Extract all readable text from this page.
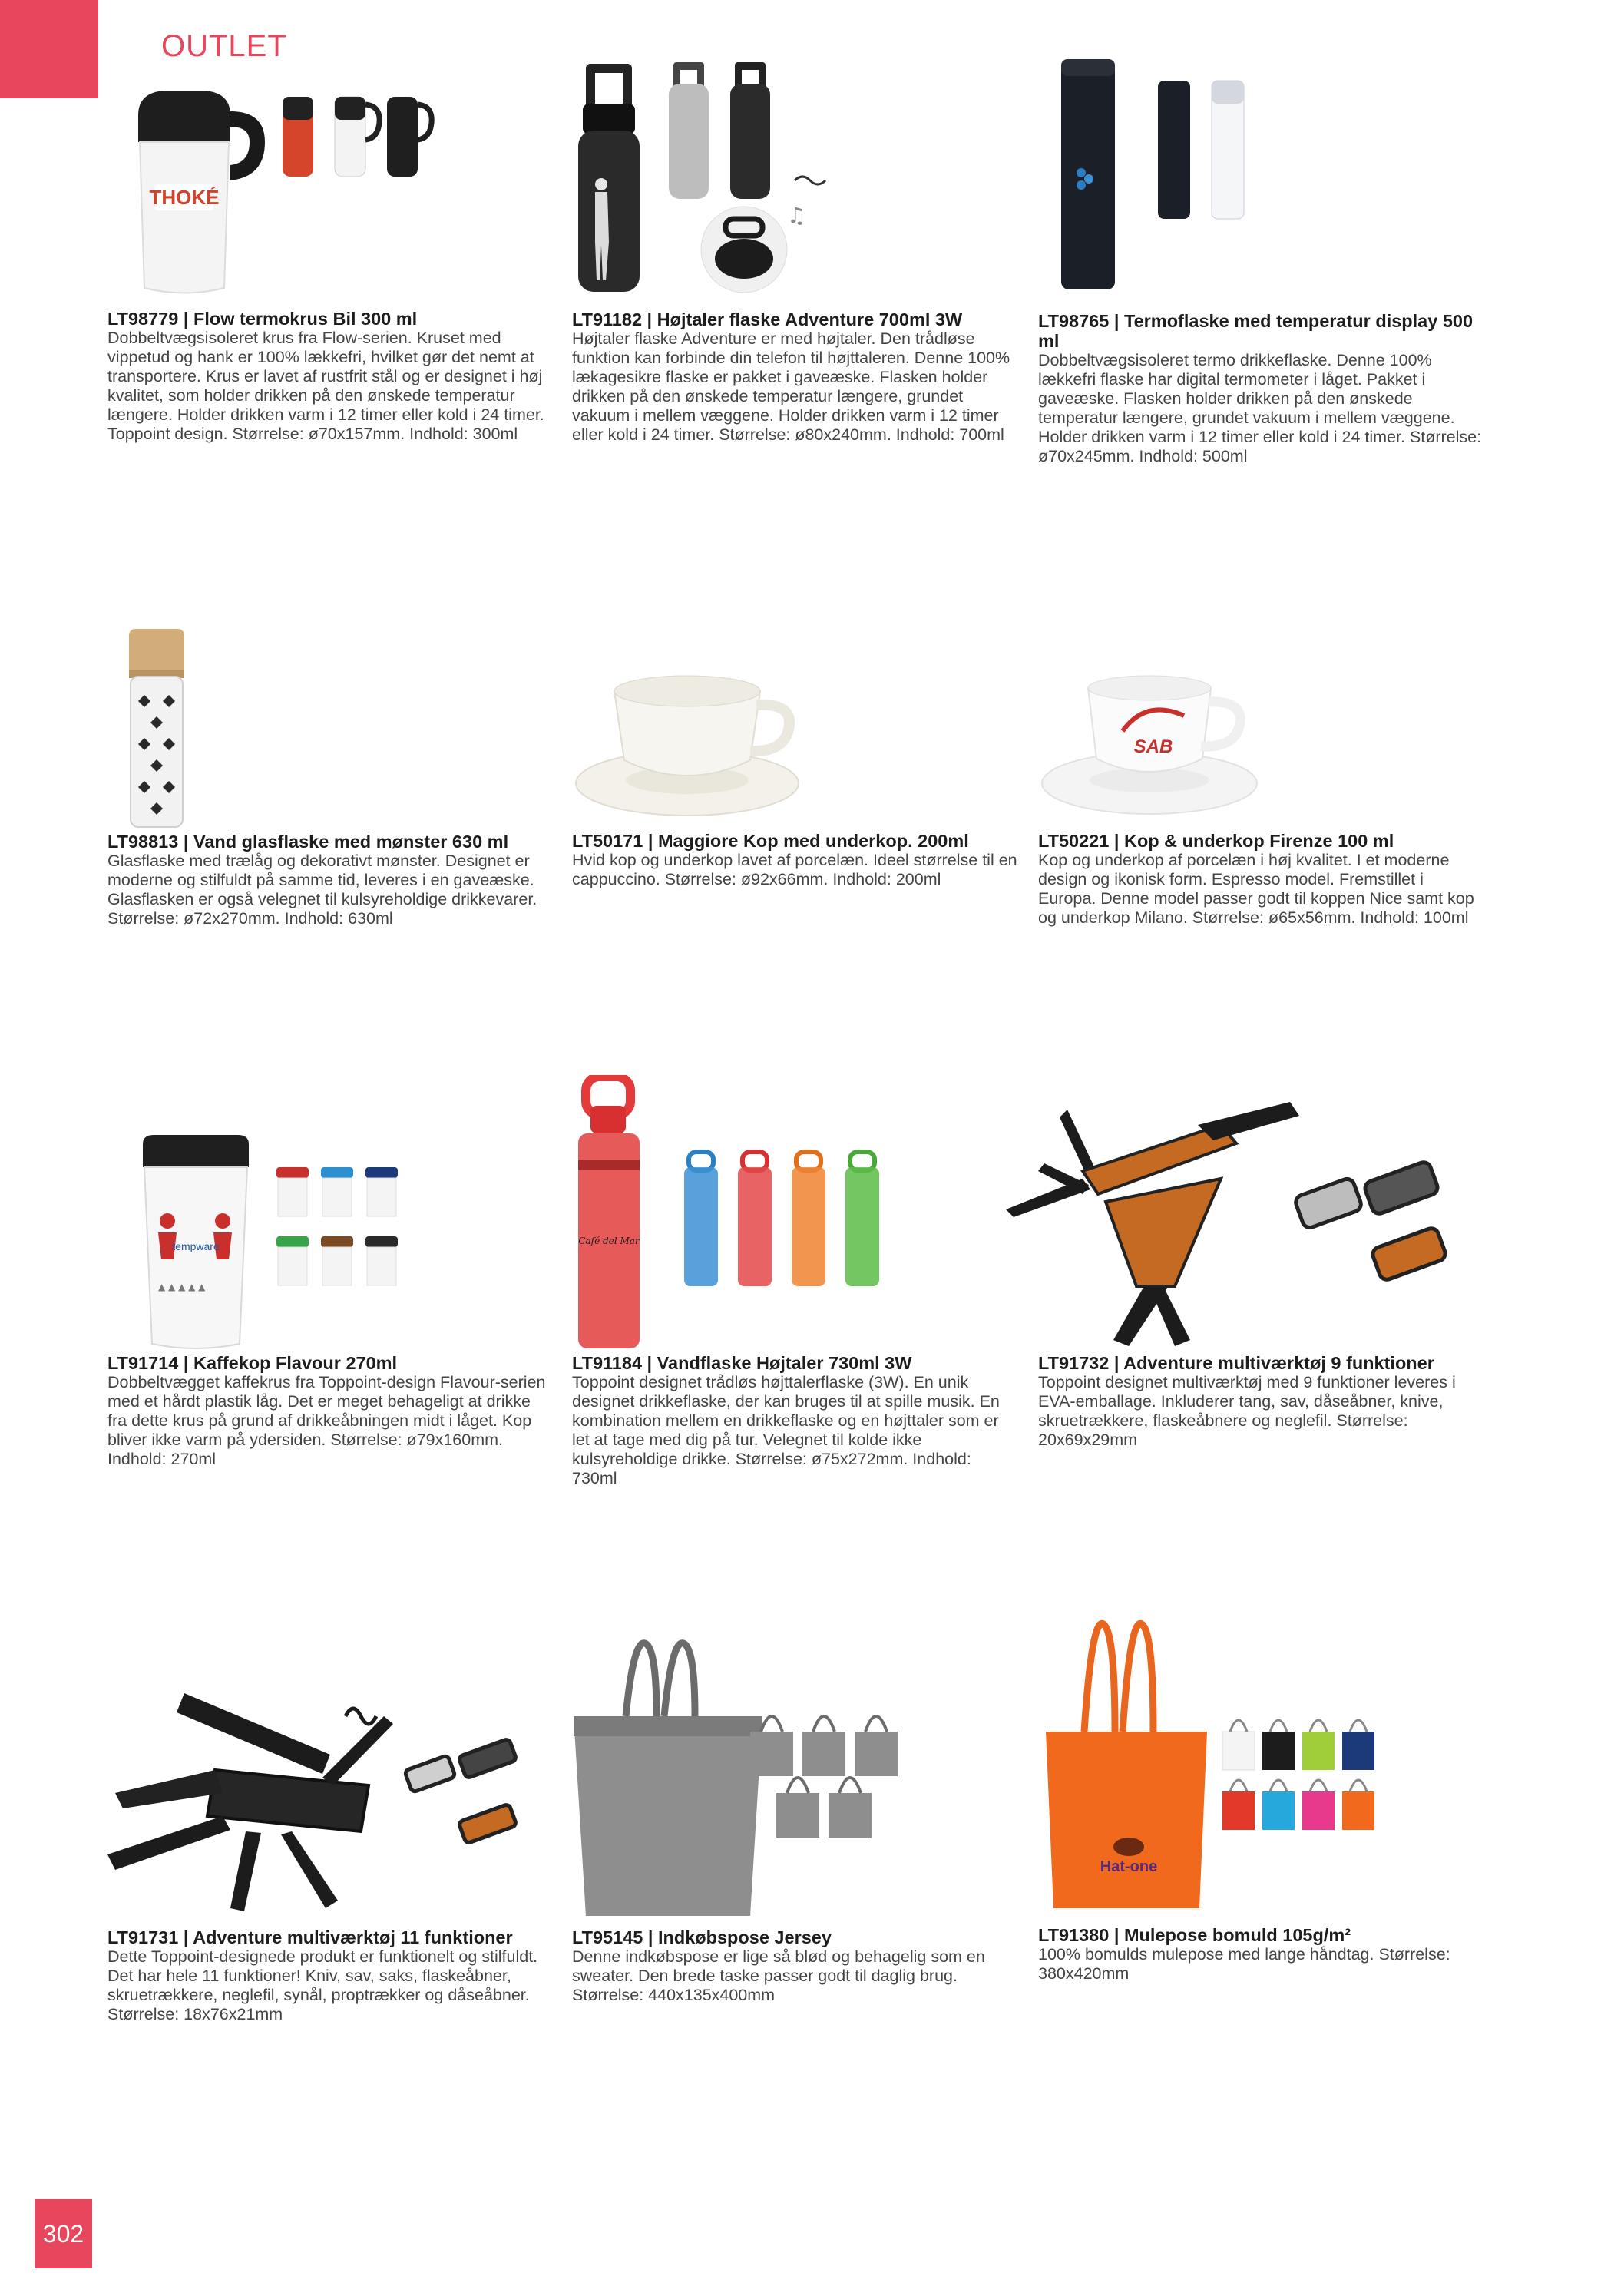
OUTLET
THOKÉ
LT98779 | Flow termokrus Bil 300 ml
Dobbeltvægsisoleret krus fra Flow-serien. Kruset med vippetud og hank er 100% lækkefri, hvilket gør det nemt at transportere. Krus er lavet af rustfrit stål og er designet i høj kvalitet, som holder drikken på den ønskede temperatur længere. Holder drikken varm i 12 timer eller kold i 24 timer. Toppoint design. Størrelse: ø70x157mm. Indhold: 300ml
♫
LT91182 | Højtaler flaske Adventure 700ml 3W
Højtaler flaske Adventure er med højtaler. Den trådløse funktion kan forbinde din telefon til højttaleren. Denne 100% lækagesikre flaske er pakket i gaveæske. Flasken holder drikken på den ønskede temperatur længere, grundet vakuum i mellem væggene. Holder drikken varm i 12 timer eller kold i 24 timer. Størrelse: ø80x240mm. Indhold: 700ml
LT98765 | Termoflaske med temperatur display 500 ml
Dobbeltvægsisoleret termo drikkeflaske. Denne 100% lækkefri flaske har digital termometer i låget. Pakket i gaveæske. Flasken holder drikken på den ønskede temperatur længere, grundet vakuum i mellem væggene. Holder drikken varm i 12 timer eller kold i 24 timer. Størrelse: ø70x245mm. Indhold: 500ml
LT98813 | Vand glasflaske med mønster 630 ml
Glasflaske med trælåg og dekorativt mønster. Designet er moderne og stilfuldt på samme tid, leveres i en gaveæske. Glasflasken er også velegnet til kulsyreholdige drikkevarer. Størrelse: ø72x270mm. Indhold: 630ml
LT50171 | Maggiore Kop med underkop. 200ml
Hvid kop og underkop lavet af porcelæn. Ideel størrelse til en cappuccino. Størrelse: ø92x66mm. Indhold: 200ml
SAB
LT50221 | Kop & underkop Firenze 100 ml
Kop og underkop af porcelæn i høj kvalitet. I et moderne design og ikonisk form. Espresso model. Fremstillet i Europa. Denne model passer godt til koppen Nice samt kop og underkop Milano. Størrelse: ø65x56mm. Indhold: 100ml
tempware
▲ ▲ ▲ ▲ ▲
LT91714 | Kaffekop Flavour 270ml
Dobbeltvægget kaffekrus fra Toppoint-design Flavour-serien med et hårdt plastik låg. Det er meget behageligt at drikke fra dette krus på grund af drikkeåbningen midt i låget. Kop bliver ikke varm på ydersiden. Størrelse: ø79x160mm. Indhold: 270ml
Café del Mar
LT91184 | Vandflaske Højtaler 730ml 3W
Toppoint designet trådløs højttalerflaske (3W). En unik designet drikkeflaske, der kan bruges til at spille musik. En kombination mellem en drikkeflaske og en højttaler som er let at tage med dig på tur. Velegnet til kolde ikke kulsyreholdige drikke. Størrelse: ø75x272mm. Indhold: 730ml
LT91732 | Adventure multiværktøj 9 funktioner
Toppoint designet multiværktøj med 9 funktioner leveres i EVA-emballage. Inkluderer tang, sav, dåseåbner, knive, skruetrækkere, flaskeåbnere og neglefil. Størrelse: 20x69x29mm
LT91731 | Adventure multiværktøj 11 funktioner
Dette Toppoint-designede produkt er funktionelt og stilfuldt. Det har hele 11 funktioner! Kniv, sav, saks, flaskeåbner, skruetrækkere, neglefil, synål, proptrækker og dåseåbner. Størrelse: 18x76x21mm
LT95145 | Indkøbspose Jersey
Denne indkøbspose er lige så blød og behagelig som en sweater. Den brede taske passer godt til daglig brug. Størrelse: 440x135x400mm
Hat-one
LT91380 | Mulepose bomuld 105g/m²
100% bomulds mulepose med lange håndtag. Størrelse: 380x420mm
302
